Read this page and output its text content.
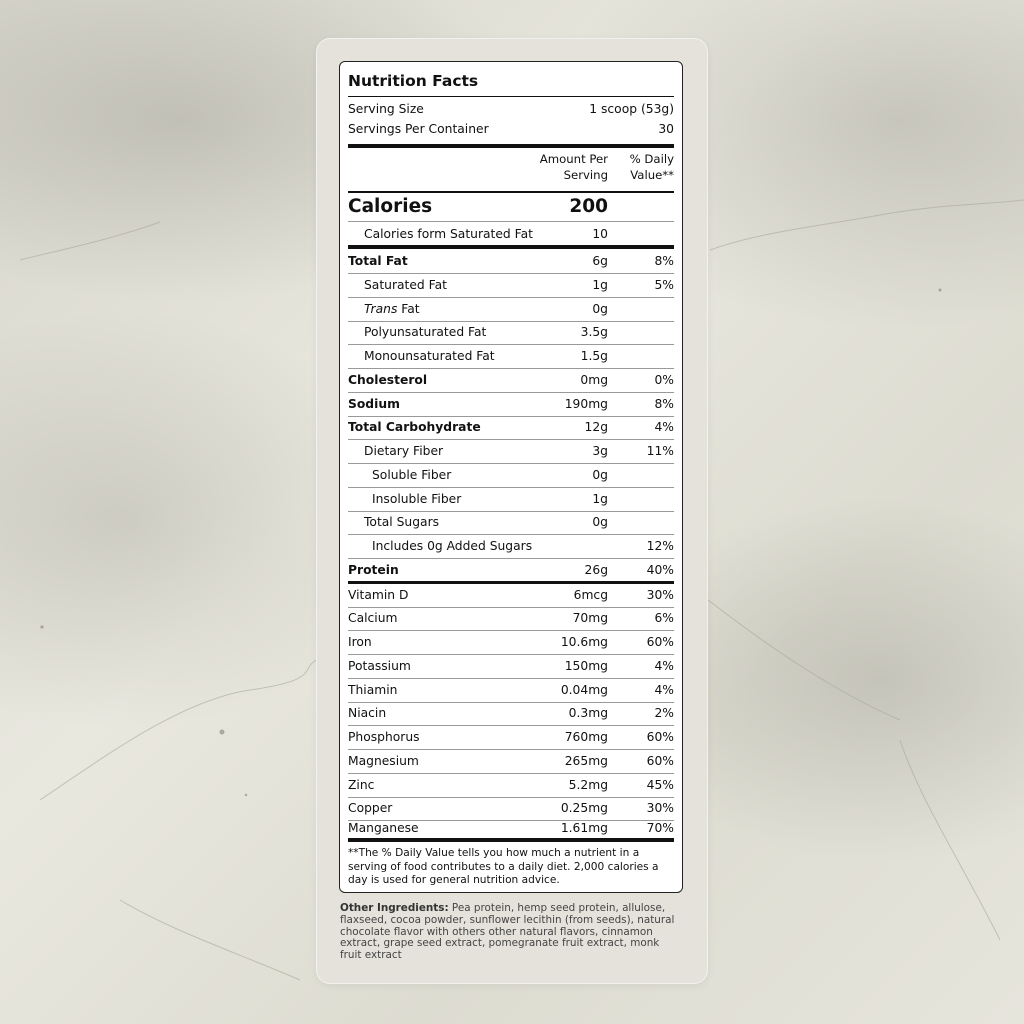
Nutrition Facts
Serving Size	1 scoop (53g)
Servings Per Container	30
Amount Per
Serving
% Daily
Value**
Calories	200
Calories form Saturated Fat	10
Total Fat	6g	8%
Saturated Fat	1g	5%
Trans Fat	0g
Polyunsaturated Fat	3.5g
Monounsaturated Fat	1.5g
Cholesterol	0mg	0%
Sodium	190mg	8%
Total Carbohydrate	12g	4%
Dietary Fiber	3g	11%
Soluble Fiber	0g
Insoluble Fiber	1g
Total Sugars	0g
Includes 0g Added Sugars	12%
Protein	26g	40%
Vitamin D	6mcg	30%
Calcium	70mg	6%
Iron	10.6mg	60%
Potassium	150mg	4%
Thiamin	0.04mg	4%
Niacin	0.3mg	2%
Phosphorus	760mg	60%
Magnesium	265mg	60%
Zinc	5.2mg	45%
Copper	0.25mg	30%
Manganese	1.61mg	70%
**The % Daily Value tells you how much a nutrient in a serving of food contributes to a daily diet. 2,000 calories a day is used for general nutrition advice.
Other Ingredients: Pea protein, hemp seed protein, allulose, flaxseed, cocoa powder, sunflower lecithin (from seeds), natural chocolate flavor with others other natural flavors, cinnamon extract, grape seed extract, pomegranate fruit extract, monk fruit extract
